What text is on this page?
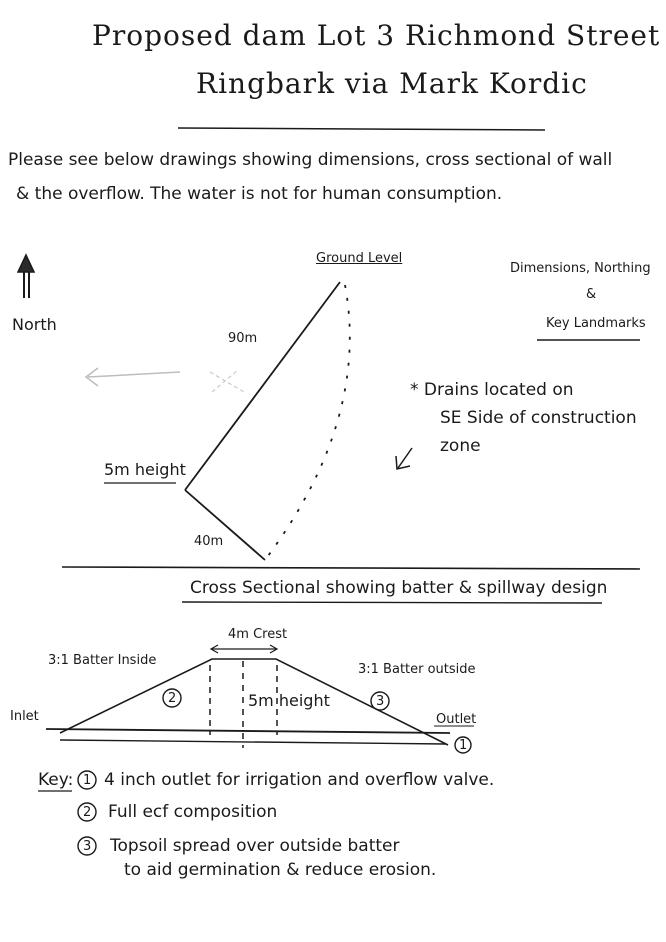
Proposed dam Lot 3 Richmond Street
Ringbark via Mark Kordic
Please see below drawings showing dimensions, cross sectional of wall
& the overflow. The water is not for human consumption.
North
Ground Level
90m
5m height
40m
Dimensions, Northing
&
Key Landmarks
* Drains located on
SE Side of construction
zone
Cross Sectional showing batter & spillway design
4m Crest
3:1 Batter Inside
3:1 Batter outside
5m height
Inlet	Outlet
2	3
1
Key: 1 4 inch outlet for irrigation and overflow valve.
2 Full ecf composition
3 Topsoil spread over outside batter
to aid germination & reduce erosion.
